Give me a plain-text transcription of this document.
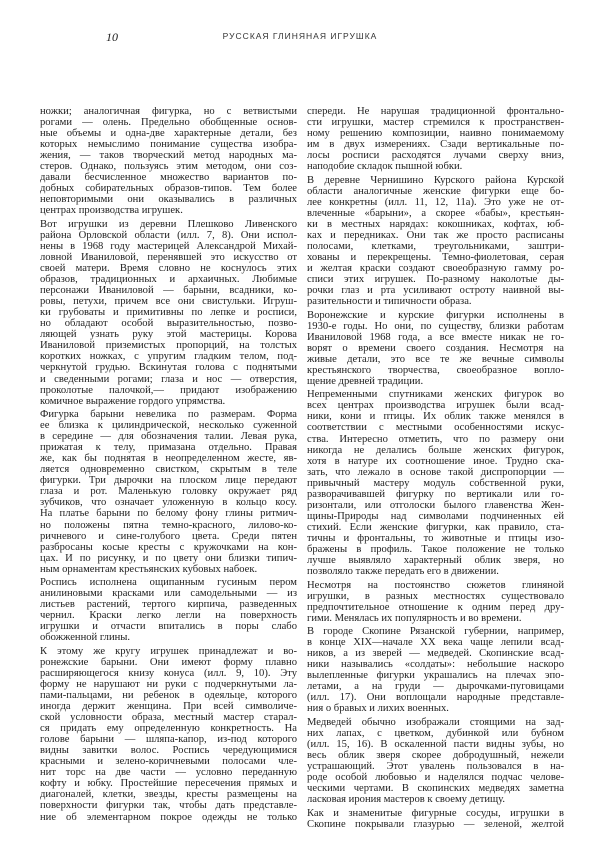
10	РУССКАЯ ГЛИНЯНАЯ ИГРУШКА
ножки; аналогичная фигурка, но с ветвистыми
рогами — олень. Предельно обобщенные основ-
ные объемы и одна-две характерные детали, без
которых немыслимо понимание существа изобра-
жения, — таков творческий метод народных ма-
стеров. Однако, пользуясь этим методом, они соз-
давали бесчисленное множество вариантов по-
добных собирательных образов-типов. Тем более
неповторимыми они оказывались в различных
центрах производства игрушек.
Вот игрушки из деревни Плешково Ливенского
района Орловской области (илл. 7, 8). Они испол-
нены в 1968 году мастерицей Александрой Михай-
ловной Иваниловой, перенявшей это искусство от
своей матери. Время словно не коснулось этих
образов, традиционных и архаичных. Любимые
персонажи Иваниловой — барыни, всадники, ко-
ровы, петухи, причем все они свистульки. Игруш-
ки грубоваты и примитивны по лепке и росписи,
но обладают особой выразительностью, позво-
ляющей узнать руку этой мастерицы. Корова
Иваниловой приземистых пропорций, на толстых
коротких ножках, с упругим гладким телом, под-
черкнутой грудью. Вскинутая голова с поднятыми
и сведенными рогами; глаза и нос — отверстия,
проколотые палочкой,— придают изображению
комичное выражение гордого упрямства.
Фигурка барыни невелика по размерам. Форма
ее близка к цилиндрической, несколько суженной
в середине — для обозначения талии. Левая рука,
прижатая к телу, примазана отдельно. Правая
же, как бы поднятая в неопределенном жесте, яв-
ляется одновременно свистком, скрытым в теле
фигурки. Три дырочки на плоском лице передают
глаза и рот. Маленькую головку окружает ряд
зубчиков, что означает уложенную в кольцо косу.
На платье барыни по белому фону глины ритмич-
но положены пятна темно-красного, лилово-ко-
ричневого и сине-голубого цвета. Среди пятен
разбросаны косые кресты с кружочками на кон-
цах. И по рисунку, и по цвету они близки типич-
ным орнаментам крестьянских кубовых набоек.
Роспись исполнена ощипанным гусиным пером
анилиновыми красками или самодельными — из
листьев растений, тертого кирпича, разведенных
чернил. Краски легко легли на поверхность
игрушки и отчасти впитались в поры слабо
обожженной глины.
К этому же кругу игрушек принадлежат и во-
ронежские барыни. Они имеют форму плавно
расширяющегося книзу конуса (илл. 9, 10). Эту
форму не нарушают ни руки с подчеркнутыми ла-
пами-пальцами, ни ребенок в одеяльце, которого
иногда держит женщина. При всей символиче-
ской условности образа, местный мастер старал-
ся придать ему определенную конкретность. На
голове барыни — шляпа-капор, из-под которого
видны завитки волос. Роспись чередующимися
красными и зелено-коричневыми полосами чле-
нит торс на две части — условно переданную
кофту и юбку. Простейшие пересечения прямых и
диагоналей, клетки, звезды, кресты размещены на
поверхности фигурки так, чтобы дать представле-
ние об элементарном покрое одежды не только
спереди. Не нарушая традиционной фронтально-
сти игрушки, мастер стремился к пространствен-
ному решению композиции, наивно понимаемому
им в двух измерениях. Сзади вертикальные по-
лосы росписи расходятся лучами сверху вниз,
наподобие складок пышной юбки.
В деревне Чернишино Курского района Курской
области аналогичные женские фигурки еще бо-
лее конкретны (илл. 11, 12, 11а). Это уже не от-
влеченные «барыни», а скорее «бабы», крестьян-
ки в местных нарядах: кокошниках, кофтах, юб-
ках и передниках. Они так же просто расписаны
полосами, клетками, треугольниками, заштри-
хованы и перекрещены. Темно-фиолетовая, серая
и желтая краски создают своеобразную гамму ро-
списи этих игрушек. По-разному наколотые ды-
рочки глаз и рта усиливают остроту наивной вы-
разительности и типичности образа.
Воронежские и курские фигурки исполнены в
1930-е годы. Но они, по существу, близки работам
Иваниловой 1968 года, а все вместе никак не го-
ворят о времени своего создания. Несмотря на
живые детали, это все те же вечные символы
крестьянского творчества, своеобразное вопло-
щение древней традиции.
Непременными спутниками женских фигурок во
всех центрах производства игрушек были всад-
ники, кони и птицы. Их облик также менялся в
соответствии с местными особенностями искус-
ства. Интересно отметить, что по размеру они
никогда не делались больше женских фигурок,
хотя в натуре их соотношение иное. Трудно ска-
зать, что лежало в основе такой диспропорции —
привычный мастеру модуль собственной руки,
разворачивавшей фигурку по вертикали или го-
ризонтали, или отголоски былого главенства Жен-
щины-Природы над символами подчиненных ей
стихий. Если женские фигурки, как правило, ста-
тичны и фронтальны, то животные и птицы изо-
бражены в профиль. Такое положение не только
лучше выявляло характерный облик зверя, но
позволяло также передать его в движении.
Несмотря на постоянство сюжетов глиняной
игрушки, в разных местностях существовало
предпочтительное отношение к одним перед дру-
гими. Менялась их популярность и во времени.
В городе Скопине Рязанской губернии, например,
в конце XIX—начале XX века чаще лепили всад-
ников, а из зверей — медведей. Скопинские всад-
ники назывались «солдаты»: небольшие наскоро
вылепленные фигурки украшались на плечах эпо-
летами, а на груди — дырочками-пуговицами
(илл. 17). Они воплощали народные представле-
ния о бравых и лихих военных.
Медведей обычно изображали стоящими на зад-
них лапах, с цветком, дубинкой или бубном
(илл. 15, 16). В оскаленной пасти видны зубы, но
весь облик зверя скорее добродушный, нежели
устрашающий. Этот увалень пользовался в на-
роде особой любовью и наделялся подчас челове-
ческими чертами. В скопинских медведях заметна
ласковая ирония мастеров к своему детищу.
Как и знаменитые фигурные сосуды, игрушки в
Скопине покрывали глазурью — зеленой, желтой
